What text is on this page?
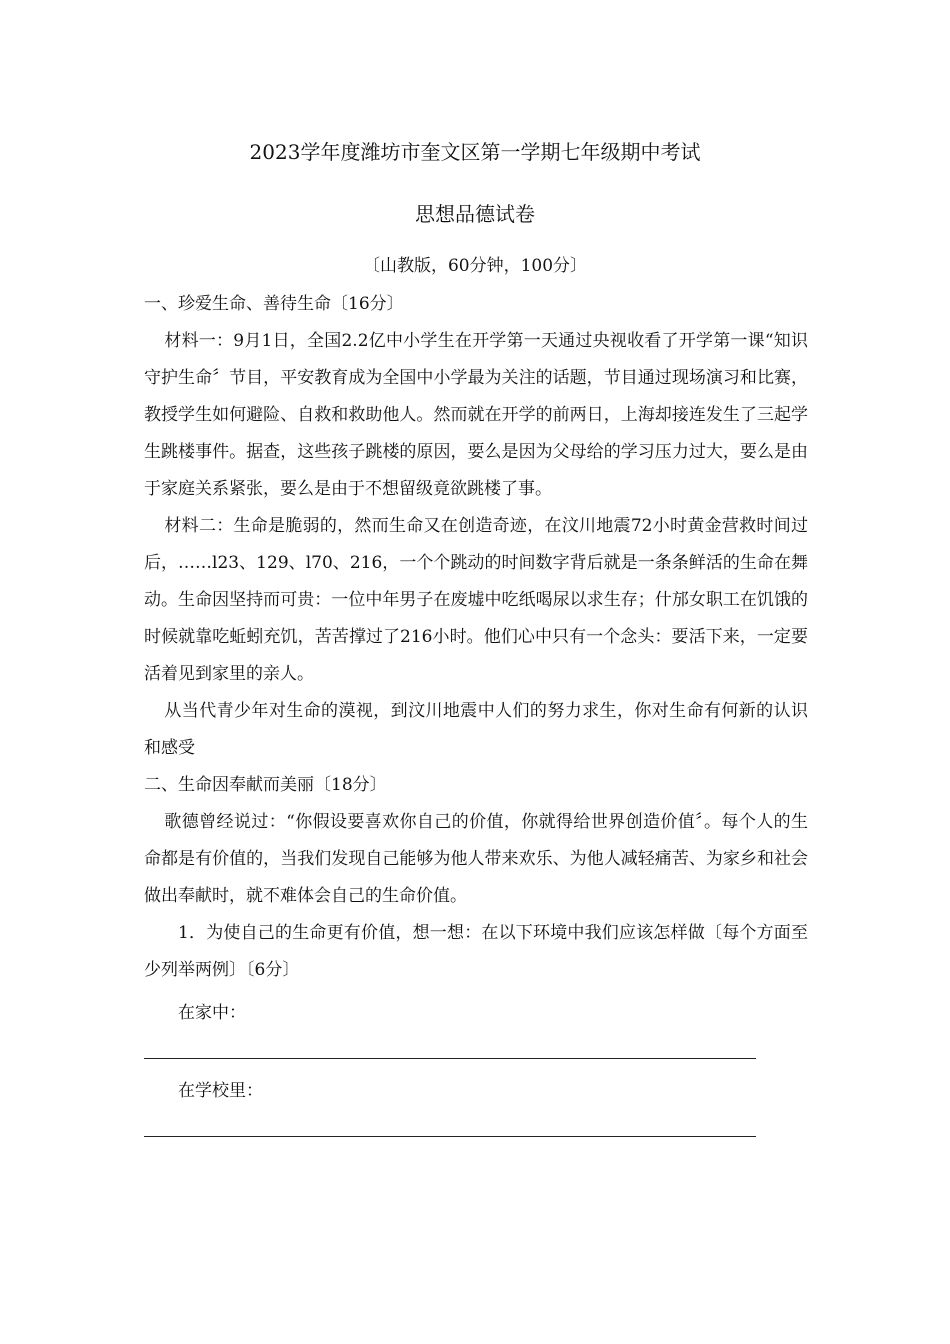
2023学年度潍坊市奎文区第一学期七年级期中考试
思想品德试卷
〔山教版，60分钟，100分〕

一、珍爱生命、善待生命〔16分〕

材料一：9月1日，全国2.2亿中小学生在开学第一天通过央视收看了开学第一课“知识守护生命〞节目，平安教育成为全国中小学最为关注的话题，节目通过现场演习和比赛，教授学生如何避险、自救和救助他人。然而就在开学的前两日，上海却接连发生了三起学生跳楼事件。据查，这些孩子跳楼的原因，要么是因为父母给的学习压力过大，要么是由于家庭关系紧张，要么是由于不想留级竟欲跳楼了事。

材料二：生命是脆弱的，然而生命又在创造奇迹，在汶川地震72小时黄金营救时间过后，……l23、129、l70、216，一个个跳动的时间数字背后就是一条条鲜活的生命在舞动。生命因坚持而可贵：一位中年男子在废墟中吃纸喝尿以求生存；什邡女职工在饥饿的时候就靠吃蚯蚓充饥，苦苦撑过了216小时。他们心中只有一个念头：要活下来，一定要活着见到家里的亲人。

从当代青少年对生命的漠视，到汶川地震中人们的努力求生，你对生命有何新的认识和感受

二、生命因奉献而美丽〔18分〕

歌德曾经说过：“你假设要喜欢你自己的价值，你就得给世界创造价值〞。每个人的生命都是有价值的，当我们发现自己能够为他人带来欢乐、为他人减轻痛苦、为家乡和社会做出奉献时，就不难体会自己的生命价值。

1．为使自己的生命更有价值，想一想：在以下环境中我们应该怎样做〔每个方面至少列举两例〕〔6分〕

在家中：

在学校里：
